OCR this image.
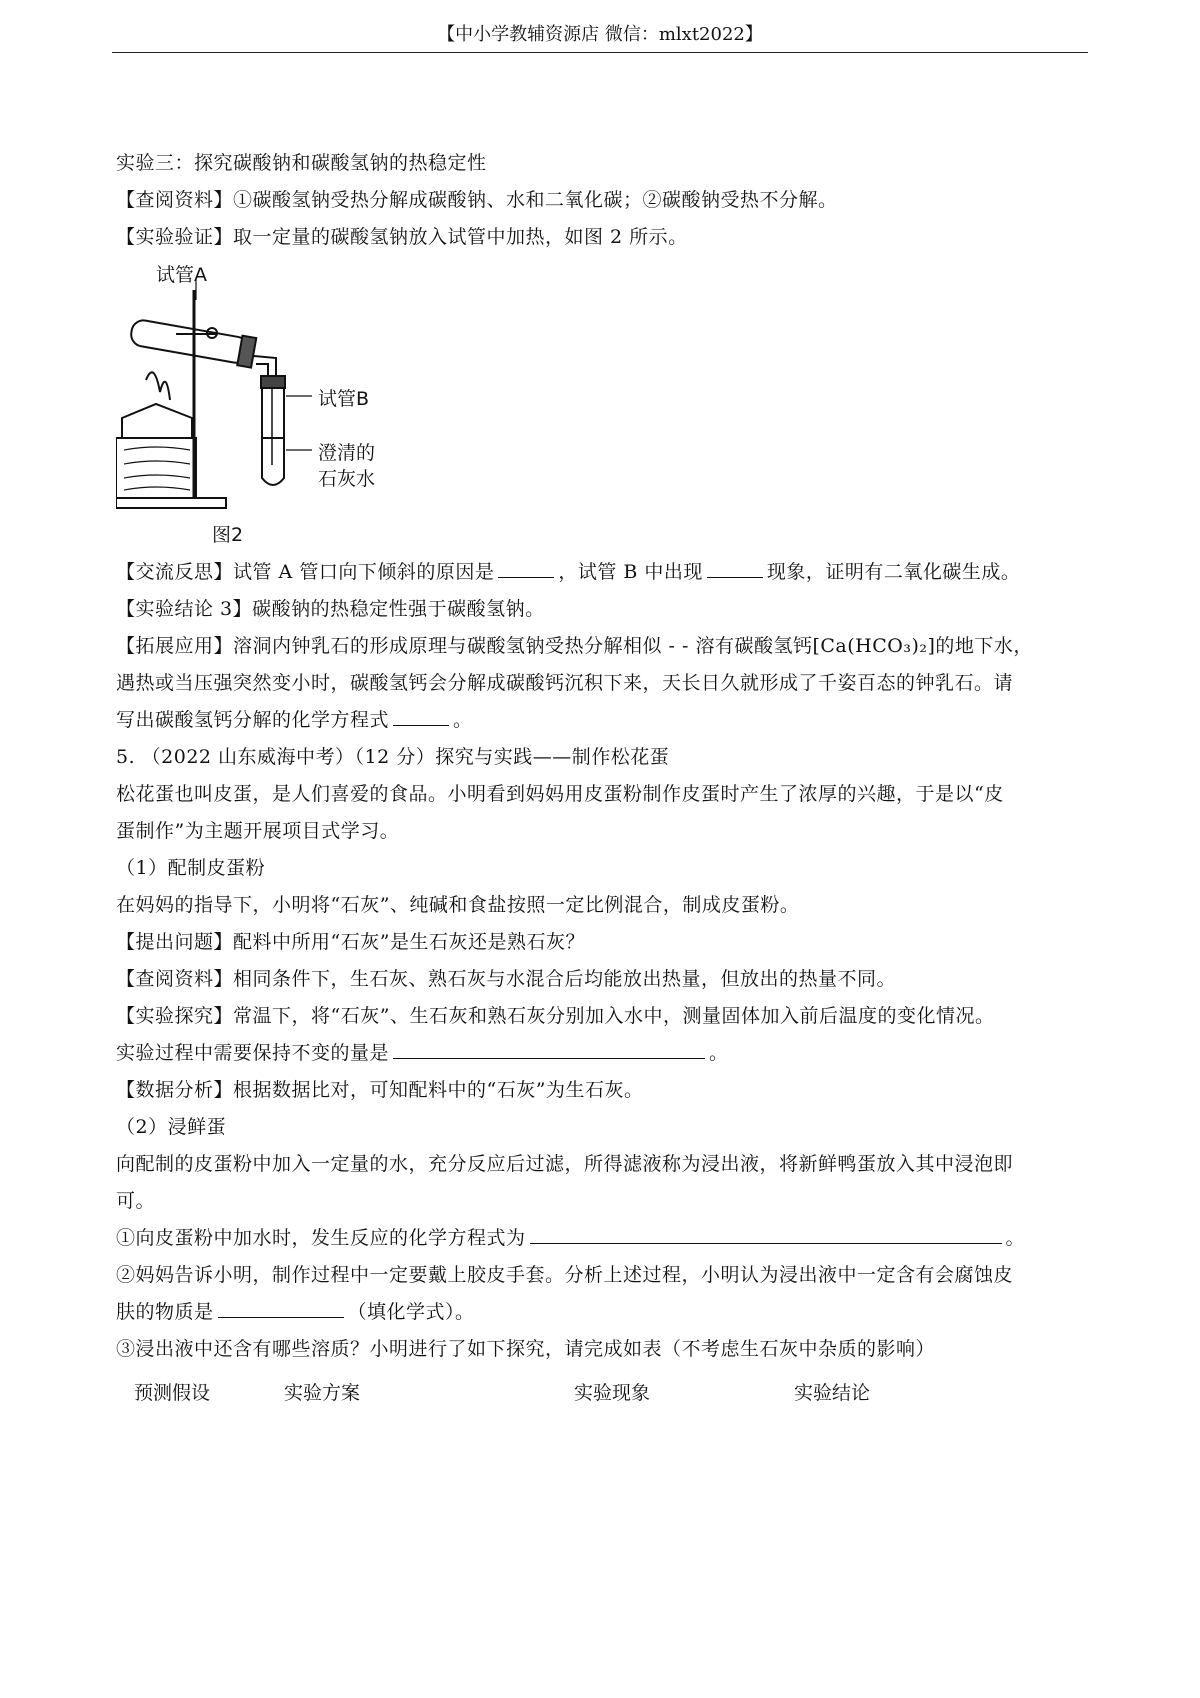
【中小学教辅资源店 微信：mlxt2022】
实验三：探究碳酸钠和碳酸氢钠的热稳定性
【查阅资料】①碳酸氢钠受热分解成碳酸钠、水和二氧化碳；②碳酸钠受热不分解。
【实验验证】取一定量的碳酸氢钠放入试管中加热，如图 2 所示。
试管A
试管B
澄清的
石灰水
图2
【交流反思】试管 A 管口向下倾斜的原因是	，试管 B 中出现	现象，证明有二氧化碳生成。
【实验结论 3】碳酸钠的热稳定性强于碳酸氢钠。
【拓展应用】溶洞内钟乳石的形成原理与碳酸氢钠受热分解相似 - - 溶有碳酸氢钙[Ca(HCO₃)₂]的地下水，
遇热或当压强突然变小时，碳酸氢钙会分解成碳酸钙沉积下来，天长日久就形成了千姿百态的钟乳石。请
写出碳酸氢钙分解的化学方程式	。
5. （2022 山东威海中考）（12 分）探究与实践——制作松花蛋
松花蛋也叫皮蛋，是人们喜爱的食品。小明看到妈妈用皮蛋粉制作皮蛋时产生了浓厚的兴趣，于是以“皮
蛋制作”为主题开展项目式学习。
（1）配制皮蛋粉
在妈妈的指导下，小明将“石灰”、纯碱和食盐按照一定比例混合，制成皮蛋粉。
【提出问题】配料中所用“石灰”是生石灰还是熟石灰？
【查阅资料】相同条件下，生石灰、熟石灰与水混合后均能放出热量，但放出的热量不同。
【实验探究】常温下，将“石灰”、生石灰和熟石灰分别加入水中，测量固体加入前后温度的变化情况。
实验过程中需要保持不变的量是	。
【数据分析】根据数据比对，可知配料中的“石灰”为生石灰。
（2）浸鲜蛋
向配制的皮蛋粉中加入一定量的水，充分反应后过滤，所得滤液称为浸出液，将新鲜鸭蛋放入其中浸泡即
可。
①向皮蛋粉中加水时，发生反应的化学方程式为	。
②妈妈告诉小明，制作过程中一定要戴上胶皮手套。分析上述过程，小明认为浸出液中一定含有会腐蚀皮
肤的物质是	（填化学式）。
③浸出液中还含有哪些溶质？小明进行了如下探究，请完成如表（不考虑生石灰中杂质的影响）
预测假设	实验方案	实验现象	实验结论
